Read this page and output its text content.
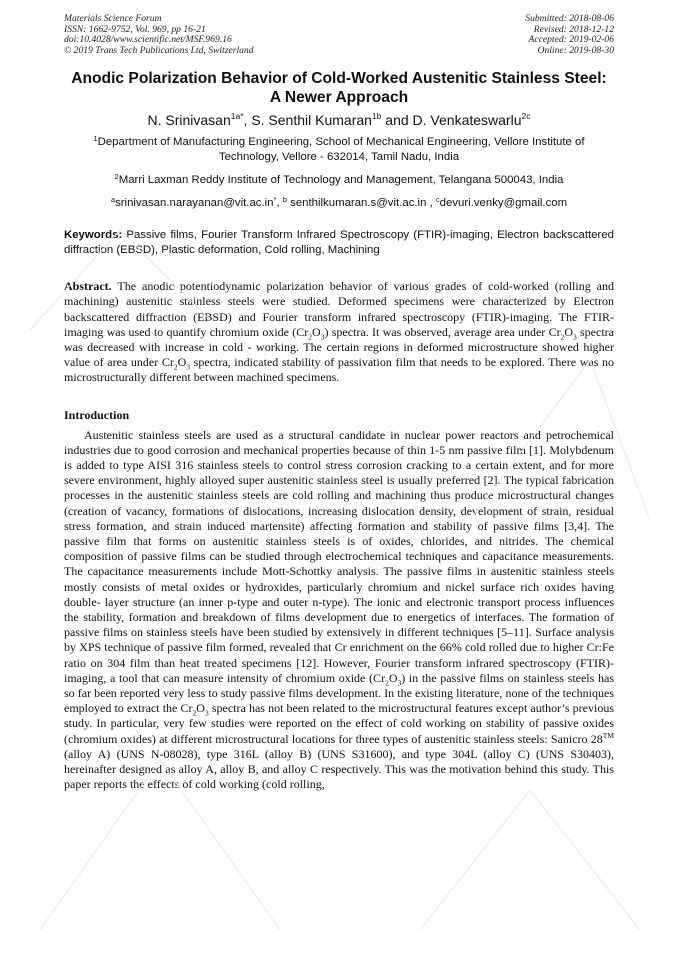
Materials Science Forum
ISSN: 1662-9752, Vol. 969, pp 16-21
doi:10.4028/www.scientific.net/MSF.969.16
© 2019 Trans Tech Publications Ltd, Switzerland
Submitted: 2018-08-06
Revised: 2018-12-12
Accepted: 2019-02-06
Online: 2019-08-30
Anodic Polarization Behavior of Cold-Worked Austenitic Stainless Steel:
A Newer Approach
N. Srinivasan$^{1a*}$, S. Senthil Kumaran$^{1b}$ and D. Venkateswarlu$^{2c}$
$^1$Department of Manufacturing Engineering, School of Mechanical Engineering, Vellore Institute of Technology, Vellore - 632014, Tamil Nadu, India
$^2$Marri Laxman Reddy Institute of Technology and Management, Telangana 500043, India
$^a$srinivasan.narayanan@vit.ac.in*, $^b$ senthilkumaran.s@vit.ac.in , $^c$devuri.venky@gmail.com
Keywords: Passive films, Fourier Transform Infrared Spectroscopy (FTIR)-imaging, Electron backscattered diffraction (EBSD), Plastic deformation, Cold rolling, Machining
Abstract. The anodic potentiodynamic polarization behavior of various grades of cold-worked (rolling and machining) austenitic stainless steels were studied. Deformed specimens were characterized by Electron backscattered diffraction (EBSD) and Fourier transform infrared spectroscopy (FTIR)-imaging. The FTIR-imaging was used to quantify chromium oxide $(Cr_2O_3)$ spectra. It was observed, average area under $Cr_2O_3$ spectra was decreased with increase in cold - working. The certain regions in deformed microstructure showed higher value of area under $Cr_2O_3$ spectra, indicated stability of passivation film that needs to be explored. There was no microstructurally different between machined specimens.
Introduction
Austenitic stainless steels are used as a structural candidate in nuclear power reactors and petrochemical industries due to good corrosion and mechanical properties because of thin 1-5 nm passive film [1]. Molybdenum is added to type AISI 316 stainless steels to control stress corrosion cracking to a certain extent, and for more severe environment, highly alloyed super austenitic stainless steel is usually preferred [2]. The typical fabrication processes in the austenitic stainless steels are cold rolling and machining thus produce microstructural changes (creation of vacancy, formations of dislocations, increasing dislocation density, development of strain, residual stress formation, and strain induced martensite) affecting formation and stability of passive films [3,4]. The passive film that forms on austenitic stainless steels is of oxides, chlorides, and nitrides. The chemical composition of passive films can be studied through electrochemical techniques and capacitance measurements. The capacitance measurements include Mott-Schottky analysis. The passive films in austenitic stainless steels mostly consists of metal oxides or hydroxides, particularly chromium and nickel surface rich oxides having double- layer structure (an inner p-type and outer n-type). The ionic and electronic transport process influences the stability, formation and breakdown of films development due to energetics of interfaces. The formation of passive films on stainless steels have been studied by extensively in different techniques [5–11]. Surface analysis by XPS technique of passive film formed, revealed that Cr enrichment on the 66% cold rolled due to higher Cr:Fe ratio on 304 film than heat treated specimens [12]. However, Fourier transform infrared spectroscopy (FTIR)-imaging, a tool that can measure intensity of chromium oxide $(Cr_2O_3)$ in the passive films on stainless steels has so far been reported very less to study passive films development. In the existing literature, none of the techniques employed to extract the $Cr_2O_3$ spectra has not been related to the microstructural features except author’s previous study. In particular, very few studies were reported on the effect of cold working on stability of passive oxides (chromium oxides) at different microstructural locations for three types of austenitic stainless steels: Sanicro 28™ (alloy A) (UNS N-08028), type 316L (alloy B) (UNS S31600), and type 304L (alloy C) (UNS S30403), hereinafter designed as alloy A, alloy B, and alloy C respectively. This was the motivation behind this study. This paper reports the effects of cold working (cold rolling,
